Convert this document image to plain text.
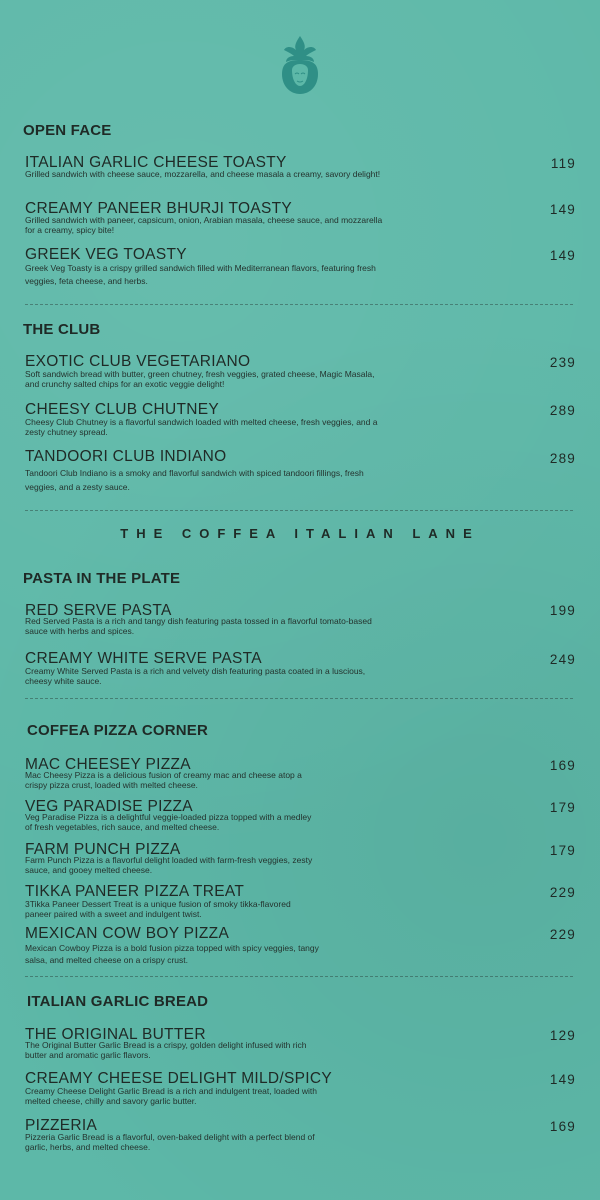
OPEN FACE
ITALIAN GARLIC CHEESE TOASTY	119
Grilled sandwich with cheese sauce, mozzarella, and cheese masala a creamy, savory delight!
CREAMY PANEER BHURJI TOASTY	149
Grilled sandwich with paneer, capsicum, onion, Arabian masala, cheese sauce, and mozzarella for a creamy, spicy bite!
GREEK VEG TOASTY	149
Greek Veg Toasty is a crispy grilled sandwich filled with Mediterranean flavors, featuring fresh veggies, feta cheese, and herbs.
THE CLUB
EXOTIC CLUB VEGETARIANO	239
Soft sandwich bread with butter, green chutney, fresh veggies, grated cheese, Magic Masala, and crunchy salted chips for an exotic veggie delight!
CHEESY CLUB CHUTNEY	289
Cheesy Club Chutney is a flavorful sandwich loaded with melted cheese, fresh veggies, and a zesty chutney spread.
TANDOORI CLUB INDIANO	289
Tandoori Club Indiano is a smoky and flavorful sandwich with spiced tandoori fillings, fresh veggies, and a zesty sauce.
THE COFFEA ITALIAN LANE
PASTA IN THE PLATE
RED SERVE PASTA	199
Red Served Pasta is a rich and tangy dish featuring pasta tossed in a flavorful tomato-based sauce with herbs and spices.
CREAMY WHITE SERVE PASTA	249
Creamy White Served Pasta is a rich and velvety dish featuring pasta coated in a luscious, cheesy white sauce.
COFFEA PIZZA CORNER
MAC CHEESEY PIZZA	169
Mac Cheesy Pizza is a delicious fusion of creamy mac and cheese atop a crispy pizza crust, loaded with melted cheese.
VEG PARADISE PIZZA	179
Veg Paradise Pizza is a delightful veggie-loaded pizza topped with a medley of fresh vegetables, rich sauce, and melted cheese.
FARM PUNCH PIZZA	179
Farm Punch Pizza is a flavorful delight loaded with farm-fresh veggies, zesty sauce, and gooey melted cheese.
TIKKA PANEER PIZZA TREAT	229
3Tikka Paneer Dessert Treat is a unique fusion of smoky tikka-flavored paneer paired with a sweet and indulgent twist.
MEXICAN COW BOY PIZZA	229
Mexican Cowboy Pizza is a bold fusion pizza topped with spicy veggies, tangy salsa, and melted cheese on a crispy crust.
ITALIAN GARLIC BREAD
THE ORIGINAL BUTTER	129
The Original Butter Garlic Bread is a crispy, golden delight infused with rich butter and aromatic garlic flavors.
CREAMY CHEESE DELIGHT MILD/SPICY	149
Creamy Cheese Delight Garlic Bread is a rich and indulgent treat, loaded with melted cheese, chilly and savory garlic butter.
PIZZERIA	169
Pizzeria Garlic Bread is a flavorful, oven-baked delight with a perfect blend of garlic, herbs, and melted cheese.
